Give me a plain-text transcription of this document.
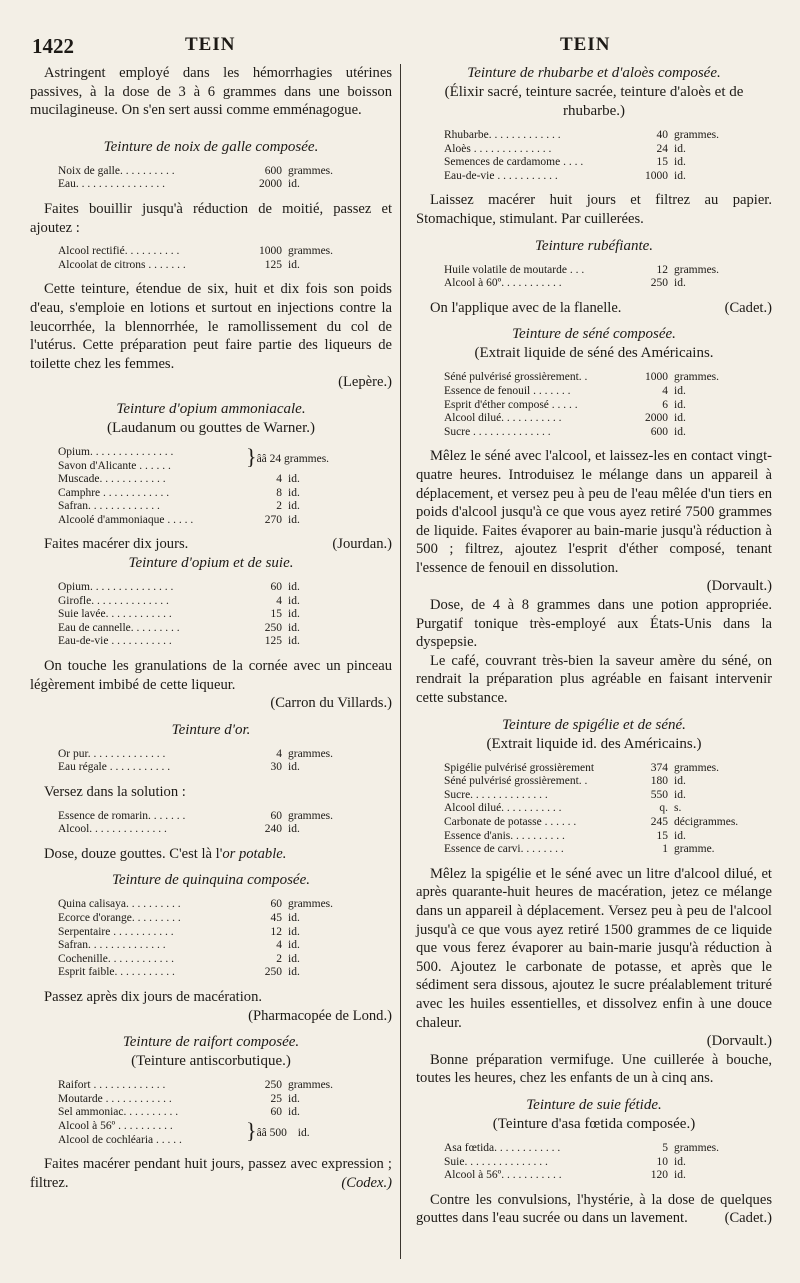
1422	TEIN	TEIN

Astringent employé dans les hémorrhagies utérines passives, à la dose de 3 à 6 grammes dans une boisson mucilagineuse. On s'en sert aussi comme emménagogue.

Teinture de noix de galle composée.

Noix de galle. . . . . . . . . .	600	grammes.
Eau. . . . . . . . . . . . . . . .	2000	id.

Faites bouillir jusqu'à réduction de moitié, passez et ajoutez :

Alcool rectifié. . . . . . . . . .	1000	grammes.
Alcoolat de citrons . . . . . . .	125	id.

Cette teinture, étendue de six, huit et dix fois son poids d'eau, s'emploie en lotions et surtout en injections contre la leucorrhée, la blennorrhée, le ramollissement du col de l'utérus. Cette préparation peut faire partie des liqueurs de toilette chez les femmes.

(Lepère.)

Teinture d'opium ammoniacale.

(Laudanum ou gouttes de Warner.)

Opium. . . . . . . . . . . . . . .	}	ââ 24 grammes.
Savon d'Alicante . . . . . .
Muscade. . . . . . . . . . . .	4	id.
Camphre . . . . . . . . . . . .	8	id.
Safran. . . . . . . . . . . . .	2	id.
Alcoolé d'ammoniaque . . . . .	270	id.

Faites macérer dix jours.	(Jourdan.)

Teinture d'opium et de suie.

Opium. . . . . . . . . . . . . . .	60	id.
Girofle. . . . . . . . . . . . . .	4	id.
Suie lavée. . . . . . . . . . . .	15	id.
Eau de cannelle. . . . . . . . .	250	id.
Eau-de-vie . . . . . . . . . . .	125	id.

On touche les granulations de la cornée avec un pinceau légèrement imbibé de cette liqueur.

(Carron du Villards.)

Teinture d'or.

Or pur. . . . . . . . . . . . . .	4	grammes.
Eau régale . . . . . . . . . . .	30	id.

Versez dans la solution :

Essence de romarin. . . . . . .	60	grammes.
Alcool. . . . . . . . . . . . . .	240	id.

Dose, douze gouttes. C'est là l'or potable.

Teinture de quinquina composée.

Quina calisaya. . . . . . . . . .	60	grammes.
Ecorce d'orange. . . . . . . . .	45	id.
Serpentaire . . . . . . . . . . .	12	id.
Safran. . . . . . . . . . . . . .	4	id.
Cochenille. . . . . . . . . . . .	2	id.
Esprit faible. . . . . . . . . . .	250	id.

Passez après dix jours de macération.

(Pharmacopée de Lond.)

Teinture de raifort composée.

(Teinture antiscorbutique.)

Raifort . . . . . . . . . . . . .	250	grammes.
Moutarde . . . . . . . . . . . .	25	id.
Sel ammoniac. . . . . . . . . .	60	id.
Alcool à 56º . . . . . . . . . .	}	ââ 500 id.
Alcool de cochléaria . . . . .

Faites macérer pendant huit jours, passez avec expression ; filtrez.	(Codex.)

Teinture de rhubarbe et d'aloès composée.

(Élixir sacré, teinture sacrée, teinture d'aloès et de rhubarbe.)

Rhubarbe. . . . . . . . . . . . .	40	grammes.
Aloès . . . . . . . . . . . . . .	24	id.
Semences de cardamome . . . .	15	id.
Eau-de-vie . . . . . . . . . . .	1000	id.

Laissez macérer huit jours et filtrez au papier. Stomachique, stimulant. Par cuillerées.

Teinture rubéfiante.

Huile volatile de moutarde . . .	12	grammes.
Alcool à 60º. . . . . . . . . . .	250	id.

On l'applique avec de la flanelle.	(Cadet.)

Teinture de séné composée.

(Extrait liquide de séné des Américains.

Séné pulvérisé grossièrement. .	1000	grammes.
Essence de fenouil . . . . . . .	4	id.
Esprit d'éther composé . . . . .	6	id.
Alcool dilué. . . . . . . . . . .	2000	id.
Sucre . . . . . . . . . . . . . .	600	id.

Mêlez le séné avec l'alcool, et laissez-les en contact vingt-quatre heures. Introduisez le mélange dans un appareil à déplacement, et versez peu à peu de l'eau mêlée d'un tiers en poids d'alcool jusqu'à ce que vous ayez retiré 7500 grammes de liquide. Faites évaporer au bain-marie jusqu'à réduction à 500 ; filtrez, ajoutez l'esprit d'éther composé, tenant l'essence de fenouil en dissolution.

(Dorvault.)

Dose, de 4 à 8 grammes dans une potion appropriée. Purgatif tonique très-employé aux États-Unis dans la dyspepsie.

Le café, couvrant très-bien la saveur amère du séné, on rendrait la préparation plus agréable en faisant intervenir cette substance.

Teinture de spigélie et de séné.

(Extrait liquide id. des Américains.)

Spigélie pulvérisé grossièrement	374	grammes.
Séné pulvérisé grossièrement. .	180	id.
Sucre. . . . . . . . . . . . . .	550	id.
Alcool dilué. . . . . . . . . . .	q.	s.
Carbonate de potasse . . . . . .	245	décigrammes.
Essence d'anis. . . . . . . . . .	15	id.
Essence de carvi. . . . . . . .	1	gramme.

Mêlez la spigélie et le séné avec un litre d'alcool dilué, et après quarante-huit heures de macération, jetez ce mélange dans un appareil à déplacement. Versez peu à peu de l'alcool jusqu'à ce que vous ayez retiré 1500 grammes de ce liquide que vous ferez évaporer au bain-marie jusqu'à réduction à 500. Ajoutez le carbonate de potasse, et après que le sédiment sera dissous, ajoutez le sucre préalablement trituré avec les huiles essentielles, et dissolvez enfin à une douce chaleur.

(Dorvault.)

Bonne préparation vermifuge. Une cuillerée à bouche, toutes les heures, chez les enfants de un à cinq ans.

Teinture de suie fétide.

(Teinture d'asa fœtida composée.)

Asa fœtida. . . . . . . . . . . .	5	grammes.
Suie. . . . . . . . . . . . . . .	10	id.
Alcool à 56º. . . . . . . . . . .	120	id.

Contre les convulsions, l'hystérie, à la dose de quelques gouttes dans l'eau sucrée ou dans un lavement.	(Cadet.)
